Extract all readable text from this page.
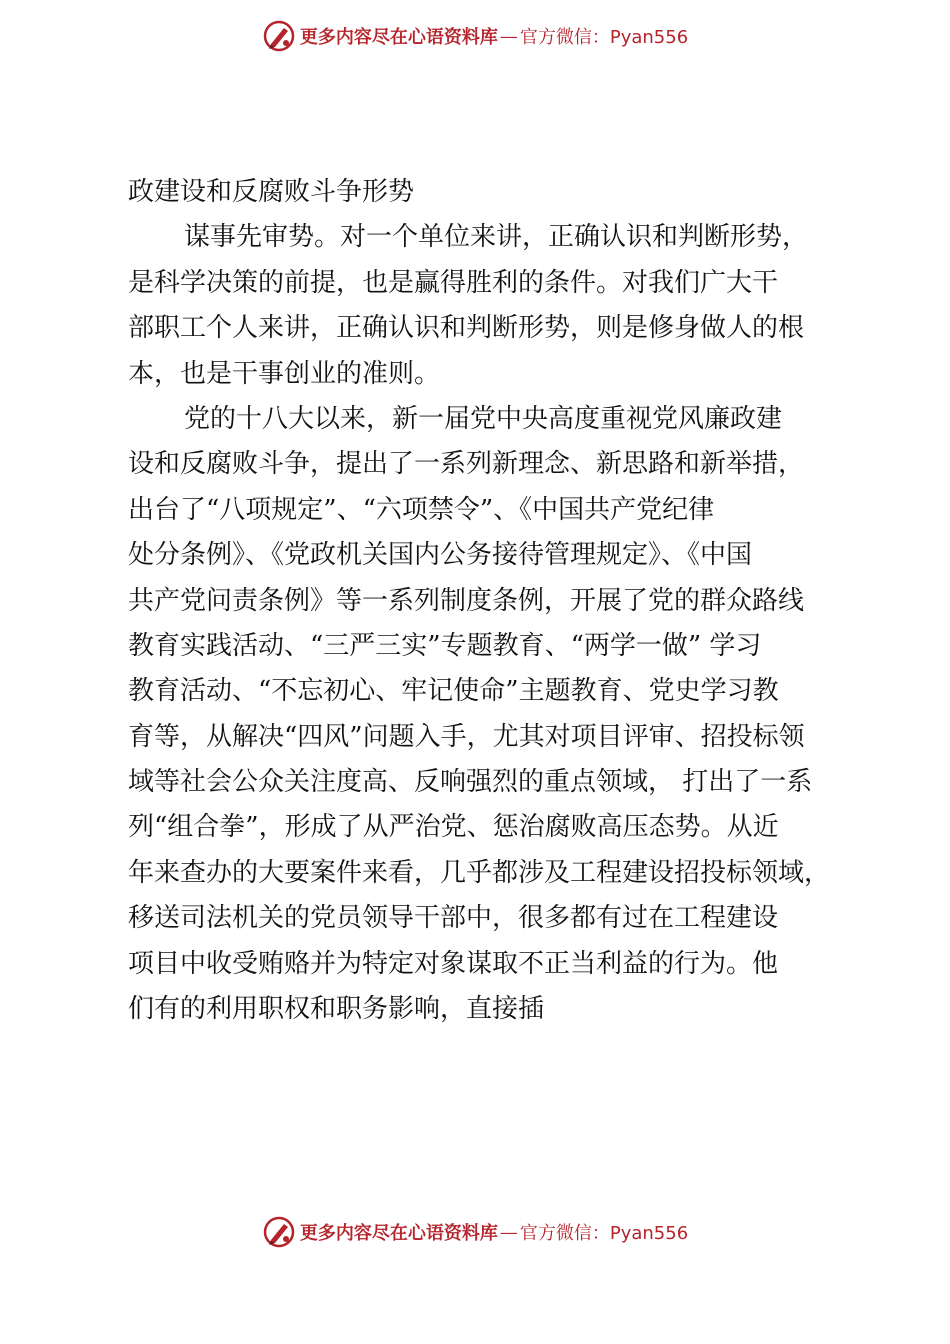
更多内容尽在心语资料库 — 官方微信：Pyan556
政建设和反腐败斗争形势
谋事先审势。对一个单位来讲，正确认识和判断形势，
是科学决策的前提，也是赢得胜利的条件。对我们广大干
部职工个人来讲，正确认识和判断形势，则是修身做人的根
本，也是干事创业的准则。
党的十八大以来，新一届党中央高度重视党风廉政建
设和反腐败斗争，提出了一系列新理念、新思路和新举措，
出台了“八项规定”、“六项禁令”、《中国共产党纪律
处分条例》、《党政机关国内公务接待管理规定》、《中国
共产党问责条例》等一系列制度条例，开展了党的群众路线
教育实践活动、“三严三实”专题教育、“两学一做” 学习
教育活动、“不忘初心、牢记使命”主题教育、党史学习教
育等，从解决“四风”问题入手，尤其对项目评审、招投标领
域等社会公众关注度高、反响强烈的重点领域， 打出了一系
列“组合拳”，形成了从严治党、惩治腐败高压态势。从近
年来查办的大要案件来看，几乎都涉及工程建设招投标领域，
移送司法机关的党员领导干部中，很多都有过在工程建设
项目中收受贿赂并为特定对象谋取不正当利益的行为。他
们有的利用职权和职务影响，直接插
更多内容尽在心语资料库 — 官方微信：Pyan556
